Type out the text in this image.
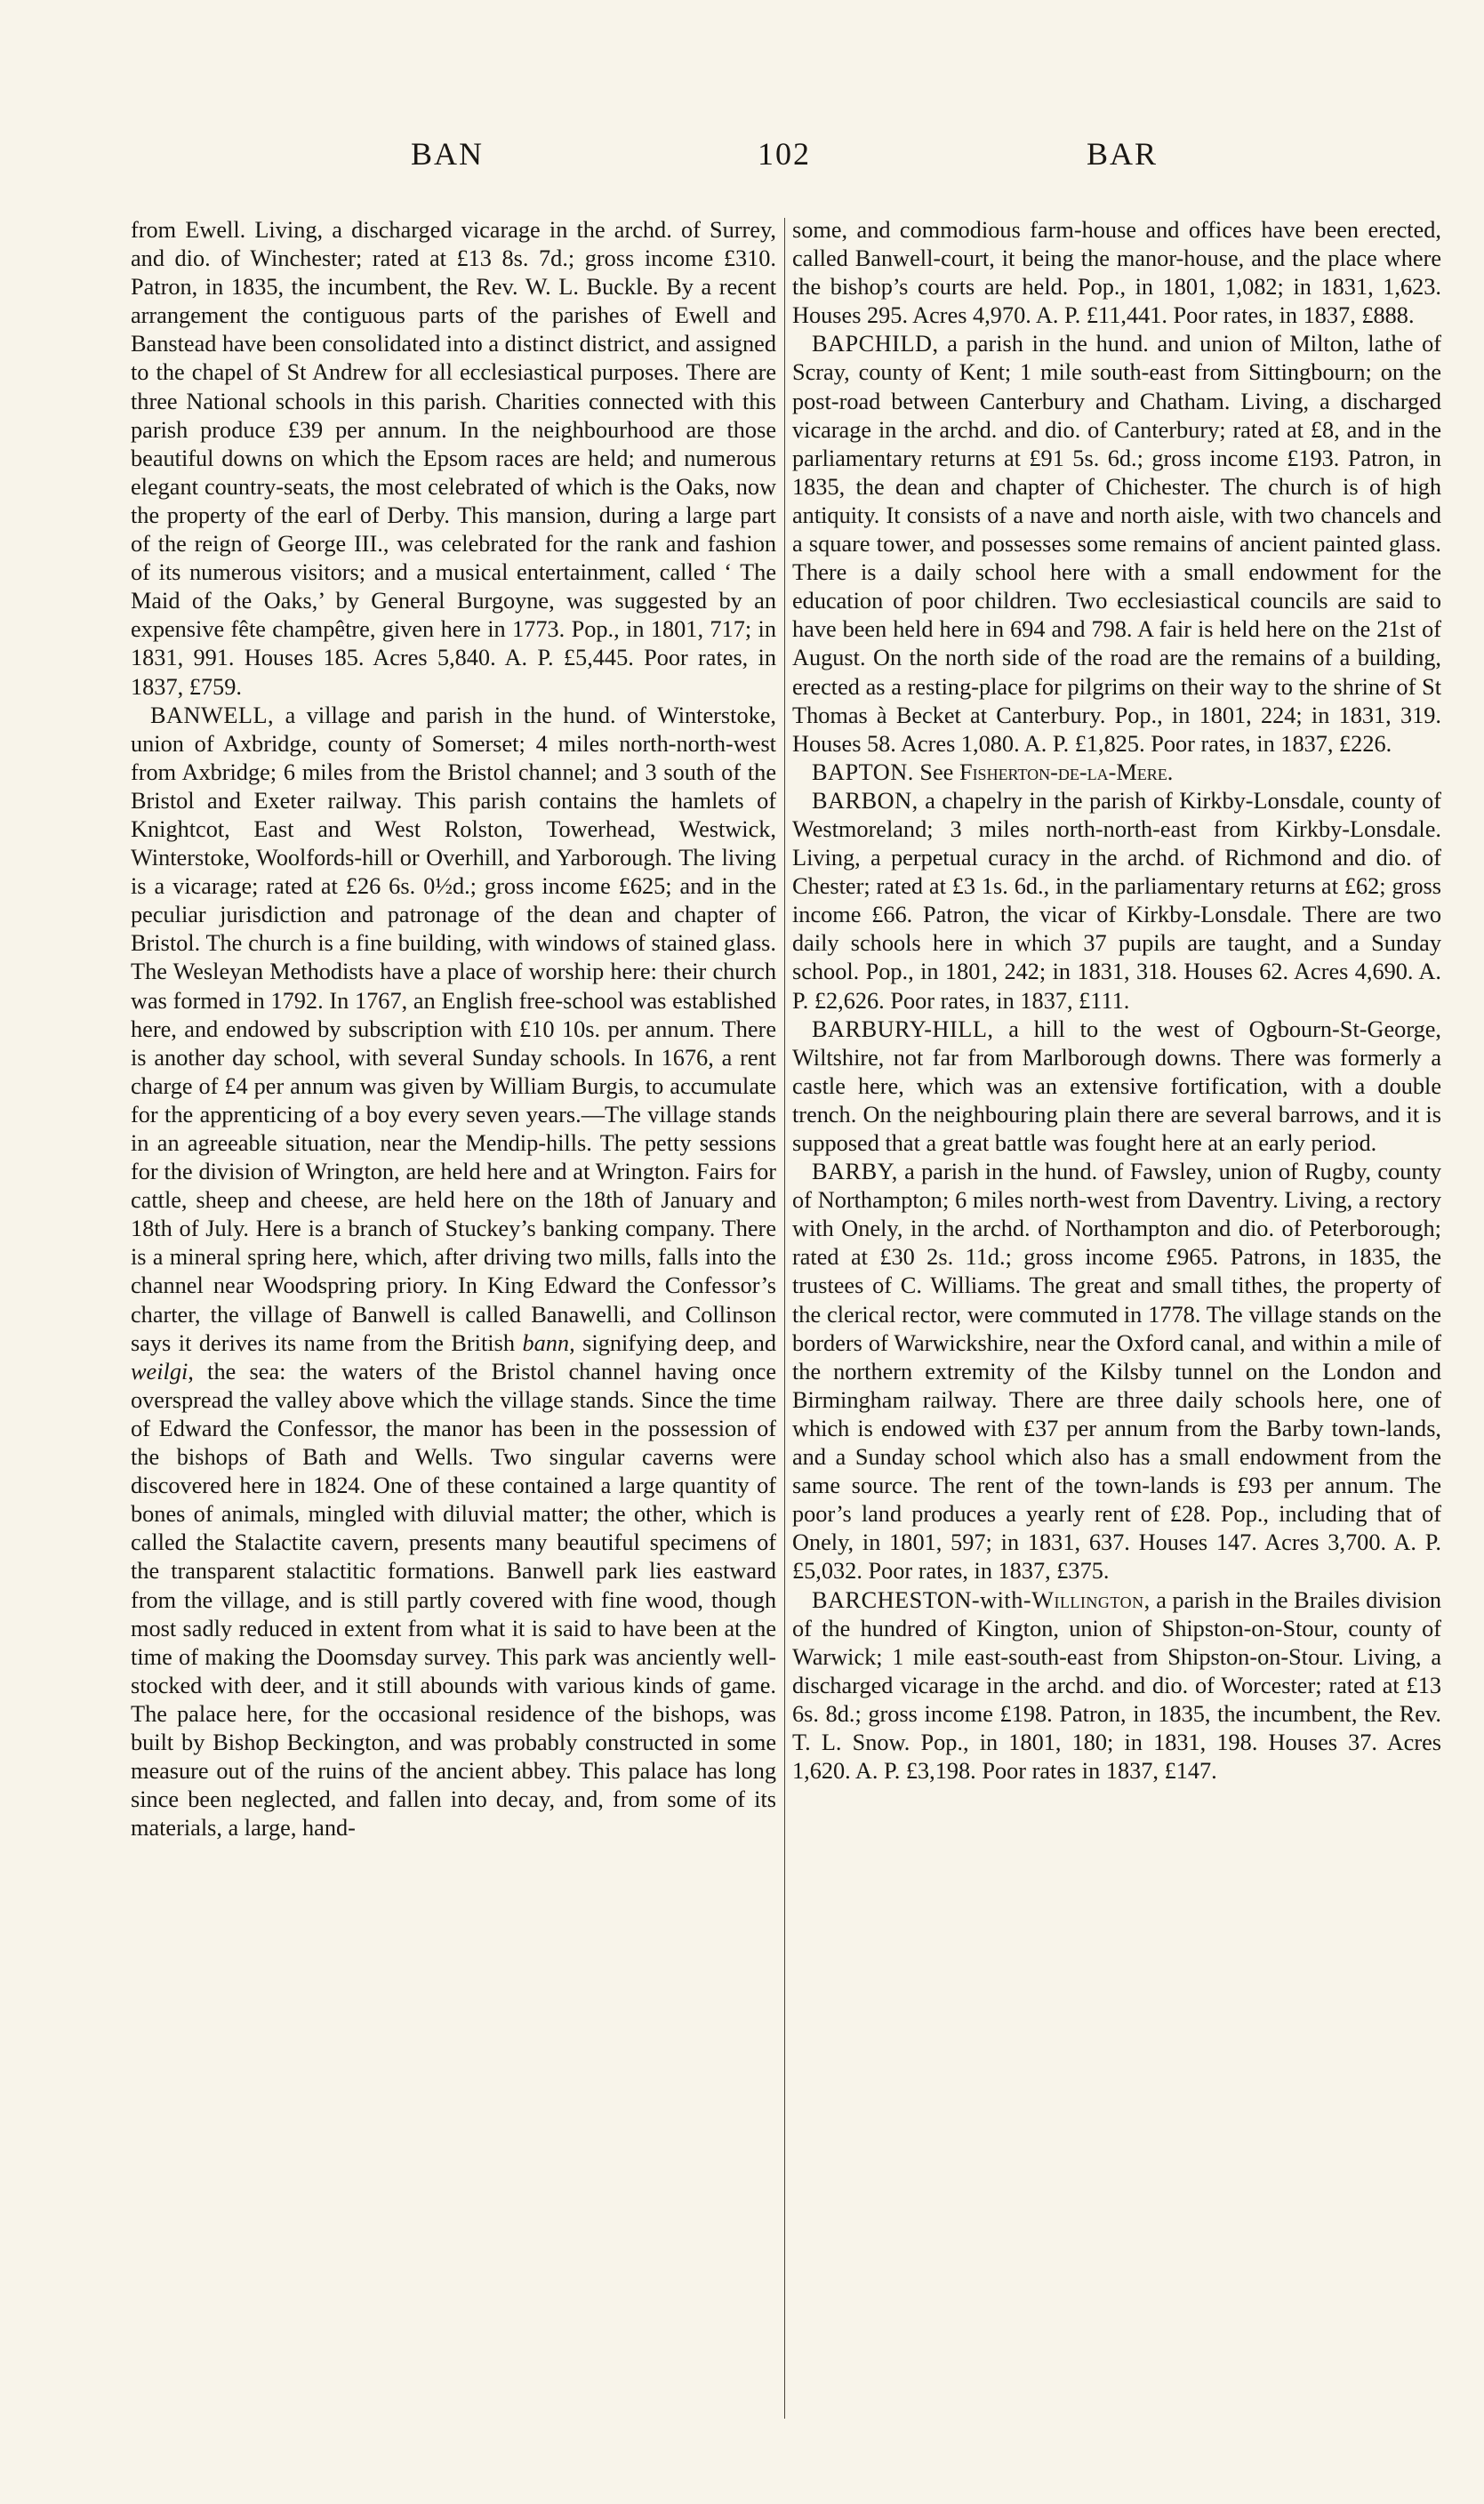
BAN	102	BAR

from Ewell. Living, a discharged vicarage in the archd. of Surrey, and dio. of Winchester; rated at £13 8s. 7d.; gross income £310. Patron, in 1835, the incumbent, the Rev. W. L. Buckle. By a recent arrangement the contiguous parts of the parishes of Ewell and Banstead have been consolidated into a distinct district, and assigned to the chapel of St Andrew for all ecclesiastical purposes. There are three National schools in this parish. Charities connected with this parish produce £39 per annum. In the neighbourhood are those beautiful downs on which the Epsom races are held; and numerous elegant country-seats, the most celebrated of which is the Oaks, now the property of the earl of Derby. This mansion, during a large part of the reign of George III., was celebrated for the rank and fashion of its numerous visitors; and a musical entertainment, called ‘ The Maid of the Oaks,’ by General Burgoyne, was suggested by an expensive fête champêtre, given here in 1773. Pop., in 1801, 717; in 1831, 991. Houses 185. Acres 5,840. A. P. £5,445. Poor rates, in 1837, £759.

BANWELL, a village and parish in the hund. of Winterstoke, union of Axbridge, county of Somerset; 4 miles north-north-west from Axbridge; 6 miles from the Bristol channel; and 3 south of the Bristol and Exeter railway. This parish contains the hamlets of Knightcot, East and West Rolston, Towerhead, Westwick, Winterstoke, Woolfords-hill or Overhill, and Yarborough. The living is a vicarage; rated at £26 6s. 0½d.; gross income £625; and in the peculiar jurisdiction and patronage of the dean and chapter of Bristol. The church is a fine building, with windows of stained glass. The Wesleyan Methodists have a place of worship here: their church was formed in 1792. In 1767, an English free-school was established here, and endowed by subscription with £10 10s. per annum. There is another day school, with several Sunday schools. In 1676, a rent charge of £4 per annum was given by William Burgis, to accumulate for the apprenticing of a boy every seven years.—The village stands in an agreeable situation, near the Mendip-hills. The petty sessions for the division of Wrington, are held here and at Wrington. Fairs for cattle, sheep and cheese, are held here on the 18th of January and 18th of July. Here is a branch of Stuckey’s banking company. There is a mineral spring here, which, after driving two mills, falls into the channel near Woodspring priory. In King Edward the Confessor’s charter, the village of Banwell is called Banawelli, and Collinson says it derives its name from the British bann, signifying deep, and weilgi, the sea: the waters of the Bristol channel having once overspread the valley above which the village stands. Since the time of Edward the Confessor, the manor has been in the possession of the bishops of Bath and Wells. Two singular caverns were discovered here in 1824. One of these contained a large quantity of bones of animals, mingled with diluvial matter; the other, which is called the Stalactite cavern, presents many beautiful specimens of the transparent stalactitic formations. Banwell park lies eastward from the village, and is still partly covered with fine wood, though most sadly reduced in extent from what it is said to have been at the time of making the Doomsday survey. This park was anciently well-stocked with deer, and it still abounds with various kinds of game. The palace here, for the occasional residence of the bishops, was built by Bishop Beckington, and was probably constructed in some measure out of the ruins of the ancient abbey. This palace has long since been neglected, and fallen into decay, and, from some of its materials, a large, hand-

some, and commodious farm-house and offices have been erected, called Banwell-court, it being the manor-house, and the place where the bishop’s courts are held. Pop., in 1801, 1,082; in 1831, 1,623. Houses 295. Acres 4,970. A. P. £11,441. Poor rates, in 1837, £888.

BAPCHILD, a parish in the hund. and union of Milton, lathe of Scray, county of Kent; 1 mile south-east from Sittingbourn; on the post-road between Canterbury and Chatham. Living, a discharged vicarage in the archd. and dio. of Canterbury; rated at £8, and in the parliamentary returns at £91 5s. 6d.; gross income £193. Patron, in 1835, the dean and chapter of Chichester. The church is of high antiquity. It consists of a nave and north aisle, with two chancels and a square tower, and possesses some remains of ancient painted glass. There is a daily school here with a small endowment for the education of poor children. Two ecclesiastical councils are said to have been held here in 694 and 798. A fair is held here on the 21st of August. On the north side of the road are the remains of a building, erected as a resting-place for pilgrims on their way to the shrine of St Thomas à Becket at Canterbury. Pop., in 1801, 224; in 1831, 319. Houses 58. Acres 1,080. A. P. £1,825. Poor rates, in 1837, £226.

BAPTON. See Fisherton-de-la-Mere.

BARBON, a chapelry in the parish of Kirkby-Lonsdale, county of Westmoreland; 3 miles north-north-east from Kirkby-Lonsdale. Living, a perpetual curacy in the archd. of Richmond and dio. of Chester; rated at £3 1s. 6d., in the parliamentary returns at £62; gross income £66. Patron, the vicar of Kirkby-Lonsdale. There are two daily schools here in which 37 pupils are taught, and a Sunday school. Pop., in 1801, 242; in 1831, 318. Houses 62. Acres 4,690. A. P. £2,626. Poor rates, in 1837, £111.

BARBURY-HILL, a hill to the west of Ogbourn-St-George, Wiltshire, not far from Marlborough downs. There was formerly a castle here, which was an extensive fortification, with a double trench. On the neighbouring plain there are several barrows, and it is supposed that a great battle was fought here at an early period.

BARBY, a parish in the hund. of Fawsley, union of Rugby, county of Northampton; 6 miles north-west from Daventry. Living, a rectory with Onely, in the archd. of Northampton and dio. of Peterborough; rated at £30 2s. 11d.; gross income £965. Patrons, in 1835, the trustees of C. Williams. The great and small tithes, the property of the clerical rector, were commuted in 1778. The village stands on the borders of Warwickshire, near the Oxford canal, and within a mile of the northern extremity of the Kilsby tunnel on the London and Birmingham railway. There are three daily schools here, one of which is endowed with £37 per annum from the Barby town-lands, and a Sunday school which also has a small endowment from the same source. The rent of the town-lands is £93 per annum. The poor’s land produces a yearly rent of £28. Pop., including that of Onely, in 1801, 597; in 1831, 637. Houses 147. Acres 3,700. A. P. £5,032. Poor rates, in 1837, £375.

BARCHESTON-with-Willington, a parish in the Brailes division of the hundred of Kington, union of Shipston-on-Stour, county of Warwick; 1 mile east-south-east from Shipston-on-Stour. Living, a discharged vicarage in the archd. and dio. of Worcester; rated at £13 6s. 8d.; gross income £198. Patron, in 1835, the incumbent, the Rev. T. L. Snow. Pop., in 1801, 180; in 1831, 198. Houses 37. Acres 1,620. A. P. £3,198. Poor rates in 1837, £147.
